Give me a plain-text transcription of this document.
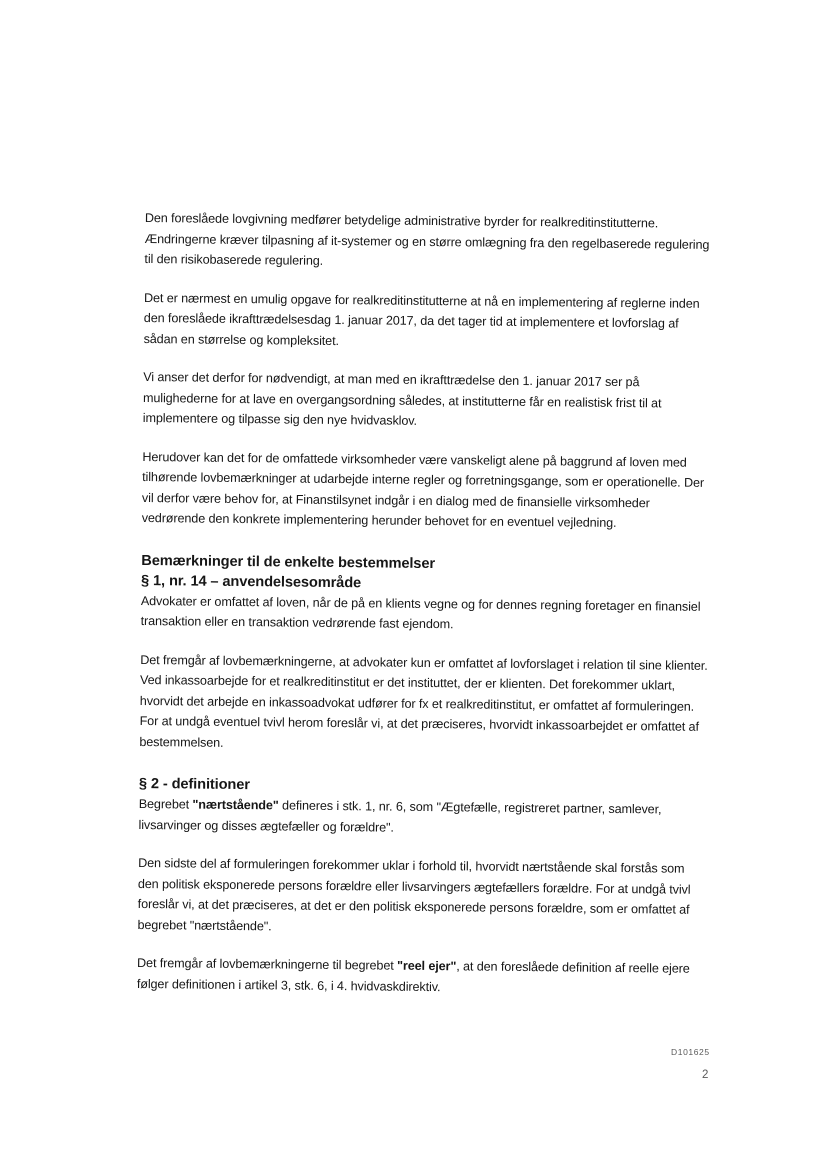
Den foreslåede lovgivning medfører betydelige administrative byrder for realkreditinstitutterne. Ændringerne kræver tilpasning af it-systemer og en større omlægning fra den regelbaserede regulering til den risikobaserede regulering.

Det er nærmest en umulig opgave for realkreditinstitutterne at nå en implementering af reglerne inden den foreslåede ikrafttrædelsesdag 1. januar 2017, da det tager tid at implementere et lovforslag af sådan en størrelse og kompleksitet.

Vi anser det derfor for nødvendigt, at man med en ikrafttrædelse den 1. januar 2017 ser på mulighederne for at lave en overgangsordning således, at institutterne får en realistisk frist til at implementere og tilpasse sig den nye hvidvasklov.

Herudover kan det for de omfattede virksomheder være vanskeligt alene på baggrund af loven med tilhørende lovbemærkninger at udarbejde interne regler og forretningsgange, som er operationelle. Der vil derfor være behov for, at Finanstilsynet indgår i en dialog med de finansielle virksomheder vedrørende den konkrete implementering herunder behovet for en eventuel vejledning.

Bemærkninger til de enkelte bestemmelser
§ 1, nr. 14 – anvendelsesområde

Advokater er omfattet af loven, når de på en klients vegne og for dennes regning foretager en finansiel transaktion eller en transaktion vedrørende fast ejendom.

Det fremgår af lovbemærkningerne, at advokater kun er omfattet af lovforslaget i relation til sine klienter. Ved inkassoarbejde for et realkreditinstitut er det instituttet, der er klienten. Det forekommer uklart, hvorvidt det arbejde en inkassoadvokat udfører for fx et realkreditinstitut, er omfattet af formuleringen. For at undgå eventuel tvivl herom foreslår vi, at det præciseres, hvorvidt inkassoarbejdet er omfattet af bestemmelsen.

§ 2 - definitioner

Begrebet "nærtstående" defineres i stk. 1, nr. 6, som "Ægtefælle, registreret partner, samlever, livsarvinger og disses ægtefæller og forældre".

Den sidste del af formuleringen forekommer uklar i forhold til, hvorvidt nærtstående skal forstås som den politisk eksponerede persons forældre eller livsarvingers ægtefællers forældre. For at undgå tvivl foreslår vi, at det præciseres, at det er den politisk eksponerede persons forældre, som er omfattet af begrebet "nærtstående".

Det fremgår af lovbemærkningerne til begrebet "reel ejer", at den foreslåede definition af reelle ejere følger definitionen i artikel 3, stk. 6, i 4. hvidvaskdirektiv.

D101625
2
